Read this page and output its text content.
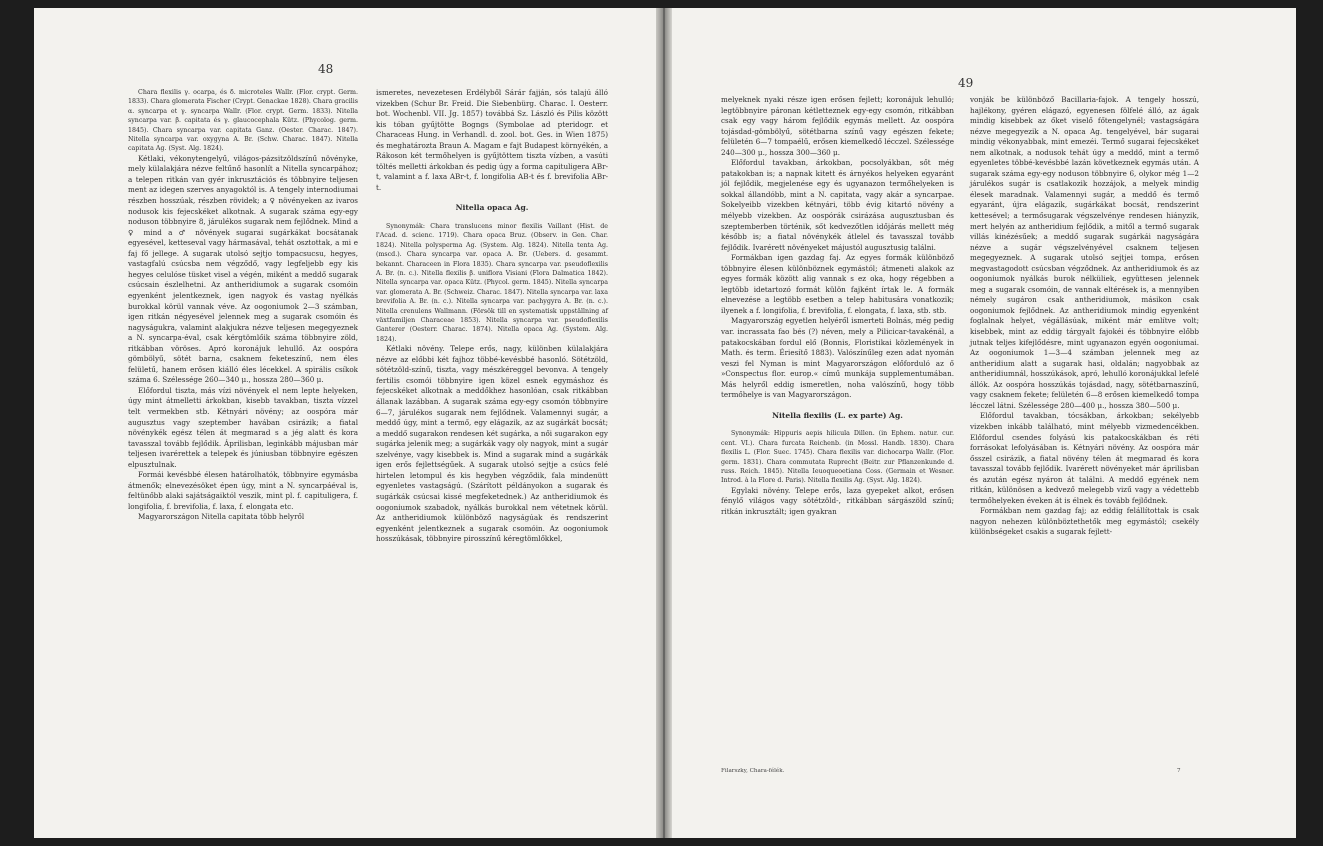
48

Chara flexilis γ. ocarpa, és δ. microteles Wallr. (Flor. crypt. Germ. 1833). Chara glomerata Fischer (Crypt. Genackae 1828). Chara gracilis α. syncarpa et γ. syncarpa Wallr. (Flor. crypt. Germ. 1833). Nitella syncarpa var. β. capitata és γ. glaucocephala Kütz. (Phycolog. germ. 1845). Chara syncarpa var. capitata Ganz. (Oester. Charac. 1847). Nitella syncarpa var. oxygyna A. Br. (Schw. Charac. 1847). Nitella capitata Ag. (Syst. Alg. 1824).

Kétlaki, vékonytengelyű, világos-pázsitzöldszínű növényke, mely külalakjára nézve feltűnő hasonlít a Nitella syncarpához; a telepen ritkán van gyér inkrusztációs és többnyire teljesen ment az idegen szerves anyagoktól is. A tengely internodiumai részben hosszúak, részben rövidek; a ♀ növényeken az ivaros nodusok kis fejecskéket alkotnak. A sugarak száma egy-egy noduson többnyire 8, járulékos sugarak nem fejlődnek. Mind a ♀ mind a ♂ növények sugarai sugárkákat bocsátanak egyesével, ketteseval vagy hármasával, tehát osztottak, a mi e faj fő jellege. A sugarak utolsó sejtjo tompacsucsu, hegyes, vastagfalú csúcsba nem végződő, vagy legfeljebb egy kis hegyes celulóse tüsket visel a végén, miként a meddő sugarak csúcsain észlelhetni. Az antheridiumok a sugarak csomóin egyenként jelentkeznek, igen nagyok és vastag nyélkás burokkal körül vannak véve. Az oogoniumok 2—3 számban, igen ritkán négyesével jelennek meg a sugarak csomóin és nagyságukra, valamint alakjukra nézve teljesen megegyeznek a N. syncarpa-éval, csak kérgtömlőik száma többnyire zöld, ritkábban vöröses. Apró koronájuk lehullő. Az oospóra gömbölyű, sötét barna, csaknem feketeszínű, nem éles felületű, hanem erősen kiálló éles lécekkel. A spirális csíkok száma 6. Szélessége 260—340 μ., hossza 280—360 μ.

Előfordul tiszta, más vízi növények el nem lepte helyeken, úgy mint átmelletti árkokban, kisebb tavakban, tiszta vízzel telt vermekben stb. Kétnyári növény; az oospóra már augusztus vagy szeptember havában csirázik; a fiatal növénykék egész télen át megmarad s a jég alatt és kora tavasszal tovább fejlődik. Áprilisban, leginkább májusban már teljesen ivarérettek a telepek és júniusban többnyire egészen elpusztulnak.

Formái kevésbbé élesen határolhatók, többnyire egymásba átmenők; elnevezésöket épen úgy, mint a N. syncarpáéval is, feltünőbb alaki sajátságaiktól veszik, mint pl. f. capituligera, f. longifolia, f. brevifolia, f. laxa, f. elongata etc.

Magyarországon Nitella capitata több helyről

ismeretes, nevezetesen Erdélyből Sárár fajján, sós talajú álló vizekben (Schur Br. Freid. Die Siebenbürg. Charac. I. Oesterr. bot. Wochenbl. VII. Jg. 1857) továbbá Sz. László és Pilis között kis tóban gyűjtötte Bogngs (Symbolae ad pteridogr. et Characeas Hung. in Verhandl. d. zool. bot. Ges. in Wien 1875) és meghatározta Braun A. Magam e fajt Budapest környékén, a Rákoson két termőhelyen is gyűjtöttem tiszta vízben, a vasúti töltés melletti árkokban és pedig úgy a forma capituligera ABr-t, valamint a f. laxa ABr-t, f. longifolia AB-t és f. brevifolia ABr-t.

Nitella opaca Ag.

Synonymák: Chara translucens minor flexilis Vaillant (Hist. de l'Acad. d. scienc. 1719). Chara opaca Bruz. (Observ. in Gen. Char. 1824). Nitella polysperma Ag. (System. Alg. 1824). Nitella tenta Ag. (mscd.). Chara syncarpa var. opaca A. Br. (Uebers. d. gesammt. bekannt. Characeen in Flora 1835). Chara syncarpa var. pseudoflexilis A. Br. (n. c.). Nitella flexilis β. uniflora Visiani (Flora Dalmatica 1842). Nitella syncarpa var. opaca Kütz. (Phycol. germ. 1845). Nitella syncarpa var. glomerata A. Br. (Schweiz. Charac. 1847). Nitella syncarpa var. laxa brevifolia A. Br. (n. c.). Nitella syncarpa var. pachygyra A. Br. (n. c.). Nitella crenulens Wallmann. (Försök till en systematisk uppställning af växtfamiljen Characeae 1853). Nitella syncarpa var. pseudoflexilis Ganterer (Oesterr. Charac. 1874). Nitella opaca Ag. (System. Alg. 1824).

Kétlaki növény. Telepe erős, nagy, különben külalakjára nézve az előbbi két fajhoz többé-kevésbbé hasonló. Sötétzöld, sötétzöld-színű, tiszta, vagy mészkéreggel bevonva. A tengely fertilis csomói többnyire igen közel esnek egymáshoz és fejecskéket alkotnak a meddőkhez hasonlóan, csak ritkábban állanak lazábban. A sugarak száma egy-egy csomón többnyire 6—7, járulékos sugarak nem fejlődnek. Valamennyi sugár, a meddő úgy, mint a termő, egy elágazik, az az sugárkát bocsát; a meddő sugarakon rendesen két sugárka, a női sugarakon egy sugárka jelenik meg; a sugárkák vagy oly nagyok, mint a sugár szelvénye, vagy kisebbek is. Mind a sugarak mind a sugárkák igen erős fejlettségűek. A sugarak utolsó sejtje a csúcs felé hirtelen letompul és kis hegyben végződik, fala mindenütt egyenletes vastagságú. (Szárított példányokon a sugarak és sugárkák csúcsai kissé megfeketednek.) Az antheridiumok és oogoniumok szabadok, nyálkás burokkal nem vétetnek körül. Az antheridiumok különböző nagyságúak és rendszerint egyenként jelentkeznek a sugarak csomóin. Az oogoniumok hosszúkásak, többnyire pirosszínű kéregtömlőkkel,

49

melyeknek nyaki része igen erősen fejlett; koronájuk lehulló; legtöbbnyire páronan kétletteznek egy-egy csomón, ritkábban csak egy vagy három fejlődik egymás mellett. Az oospóra tojásdad-gömbölyű, sötétbarna színű vagy egészen fekete; felületén 6—7 tompaélű, erősen kiemelkedő lécczel. Szélessége 240—300 μ., hossza 300—360 μ.

Előfordul tavakban, árkokban, pocsolyákban, sőt még patakokban is; a napnak kitett és árnyékos helyeken egyaránt jól fejlődik, megjelenése egy és ugyanazon termőhelyeken is sokkal állandóbb, mint a N. capitata, vagy akár a syncarpae. Sokelyeibb vizekben kétnyári, több évig kitartó növény a mélyebb vizekben. Az oospórák csirázása augusztusban és szeptemberben történik, sőt kedvezőtlen időjárás mellett még később is; a fiatal növénykék átlelel és tavasszal tovább fejlődik. Ivarérett növényeket májustól augusztusig találni.

Formákban igen gazdag faj. Az egyes formák különböző többnyire élesen különböznek egymástól; átmeneti alakok az egyes formák között alig vannak s ez oka, hogy régebben a legtöbb idetartozó formát külön fajként írtak le. A formák elnevezése a legtöbb esetben a telep habitusára vonatkozik; ilyenek a f. longifolia, f. brevifolia, f. elongata, f. laxa, stb. stb.

Magyarország egyetlen helyéről ismerteti Bolnás, még pedig var. incrassata fao bés (?) néven, mely a Pilicicar-tavakénál, a patakocskában fordul elő (Bonnis, Floristikai közlemények in Math. és term. Ériesítő 1883). Valószínűleg ezen adat nyomán veszi fel Nyman is mint Magyarországon előforduló az ő »Conspectus flor. europ.« című munkája supplementumában. Más helyről eddig ismeretlen, noha valószínű, hogy több termőhelye is van Magyarországon.

Nitella flexilis (L. ex parte) Ag.

Synonymák: Hippuris aepis hilicula Dillen. (in Ephem. natur. cur. cent. VI.). Chara furcata Reichenb. (in Mossl. Handb. 1830). Chara flexilis L. (Flor. Suec. 1745). Chara flexilis var. dichocarpa Wallr. (Flor. germ. 1831). Chara commutata Ruprecht (Beitr. zur Pflanzenkunde d. russ. Reich. 1845). Nitella Ieuoqueoetiana Coss. (Germain et Wesner. Introd. à la Flore d. Paris). Nitella flexilis Ag. (Syst. Alg. 1824).

Egylaki növény. Telepe erős, laza gyepeket alkot, erősen fénylő világos vagy sötétzöld-, ritkábban sárgászöld színű; ritkán inkrusztált; igen gyakran

vonják be különböző Bacillaria-fajok. A tengely hosszú, hajlékony, gyéren elágazó, egyenesen fölfelé álló, az ágak mindig kisebbek az őket viselő főtengelynél; vastagságára nézve megegyezik a N. opaca Ag. tengelyével, bár sugarai mindig vékonyabbak, mint emezéi. Termő sugarai fejecskéket nem alkotnak, a nodusok tehát úgy a meddő, mint a termő egyenletes többé-kevésbbé lazán következnek egymás után. A sugarak száma egy-egy noduson többnyire 6, olykor még 1—2 járulékos sugár is csatlakozik hozzájok, a melyek mindig élesek maradnak. Valamennyi sugár, a meddő és termő egyaránt, újra elágazik, sugárkákat bocsát, rendszerint kettesével; a termősugarak végszelvénye rendesen hiányzik, mert helyén az antheridium fejlődik, a mitől a termő sugarak villás kinézésűek; a meddő sugarak sugárkái nagyságára nézve a sugár végszelvényével csaknem teljesen megegyeznek. A sugarak utolsó sejtjei tompa, erősen megvastagodott csúcsban végződnek. Az antheridiumok és az oogoniumok nyálkás burok nélküliek, együttesen jelennek meg a sugarak csomóin, de vannak eltérések is, a mennyiben némely sugáron csak antheridiumok, másikon csak oogoniumok fejlődnek. Az antheridiumok mindig egyenként foglalnak helyet, végállásúak, miként már említve volt; kisebbek, mint az eddig tárgyalt fajokéi és többnyire előbb jutnak teljes kifejlődésre, mint ugyanazon egyén oogoniumai. Az oogoniumok 1—3—4 számban jelennek meg az antheridium alatt a sugarak hasi, oldalán; nagyobbak az antheridiumnál, hosszúkások, apró, lehulló koronájukkal lefelé állók. Az oospóra hosszúkás tojásdad, nagy, sötétbarnaszínű, vagy csaknem fekete; felületén 6—8 erősen kiemelkedő tompa lécczel látni. Szélessége 280—400 μ., hossza 380—500 μ.

Előfordul tavakban, tócsákban, árkokban; sekélyebb vizekben inkább található, mint mélyebb vizmedencékben. Előfordul csendes folyású kis patakocskákban és réti forrásokat lefolyásában is. Kétnyári növény. Az oospóra már ősszel csirázik, a fiatal növény télen át megmarad és kora tavasszal tovább fejlődik. Ivarérett növényeket már áprilisban és azután egész nyáron át találni. A meddő egyének nem ritkán, különösen a kedvező melegebb vizű vagy a védettebb termőhelyeken éveken át is élnek és tovább fejlődnek.

Formákban nem gazdag faj; az eddig felállítottak is csak nagyon nehezen különböztethetők meg egymástól; csekély különbségeket csakis a sugarak fejlett-

Filarszky, Chara-félék.	7
